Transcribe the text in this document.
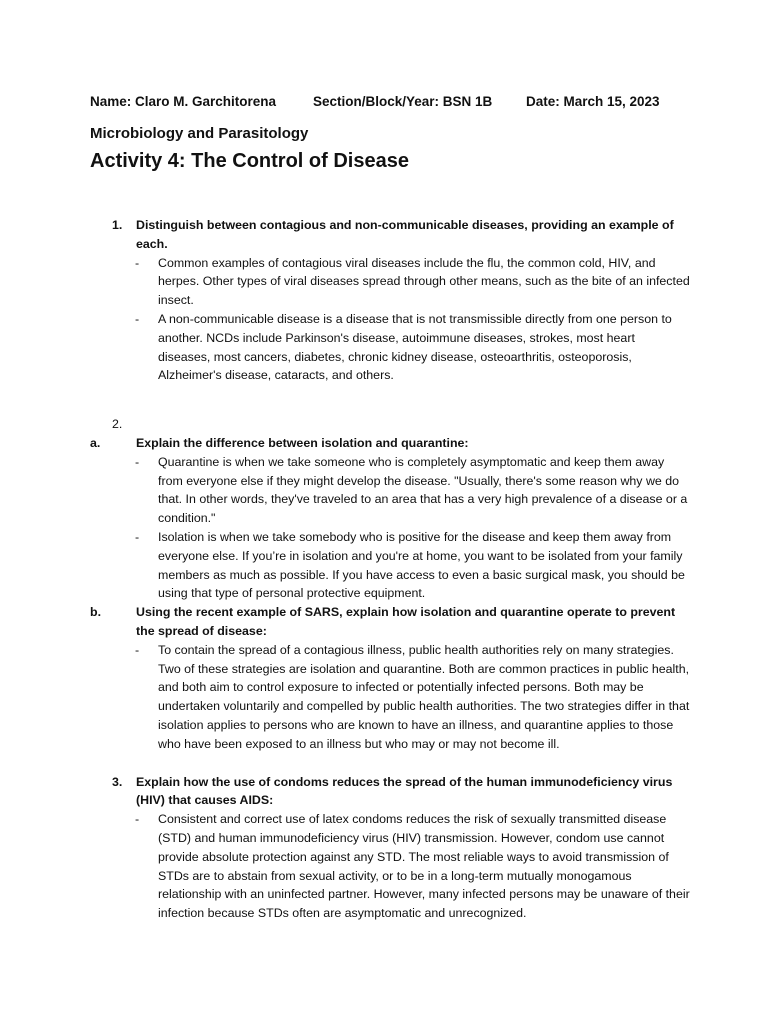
Name: Claro M. Garchitorena	Section/Block/Year: BSN 1B Date: March 15, 2023
Microbiology and Parasitology
Activity 4: The Control of Disease
1. Distinguish between contagious and non-communicable diseases, providing an example of each.
- Common examples of contagious viral diseases include the flu, the common cold, HIV, and herpes. Other types of viral diseases spread through other means, such as the bite of an infected insect.
- A non-communicable disease is a disease that is not transmissible directly from one person to another. NCDs include Parkinson's disease, autoimmune diseases, strokes, most heart diseases, most cancers, diabetes, chronic kidney disease, osteoarthritis, osteoporosis, Alzheimer's disease, cataracts, and others.
2.
a.	Explain the difference between isolation and quarantine:
- Quarantine is when we take someone who is completely asymptomatic and keep them away from everyone else if they might develop the disease. "Usually, there's some reason why we do that. In other words, they've traveled to an area that has a very high prevalence of a disease or a condition."
- Isolation is when we take somebody who is positive for the disease and keep them away from everyone else. If you’re in isolation and you're at home, you want to be isolated from your family members as much as possible. If you have access to even a basic surgical mask, you should be using that type of personal protective equipment.
b.	Using the recent example of SARS, explain how isolation and quarantine operate to prevent the spread of disease:
- To contain the spread of a contagious illness, public health authorities rely on many strategies. Two of these strategies are isolation and quarantine. Both are common practices in public health, and both aim to control exposure to infected or potentially infected persons. Both may be undertaken voluntarily and compelled by public health authorities. The two strategies differ in that isolation applies to persons who are known to have an illness, and quarantine applies to those who have been exposed to an illness but who may or may not become ill.
3. Explain how the use of condoms reduces the spread of the human immunodeficiency virus (HIV) that causes AIDS:
- Consistent and correct use of latex condoms reduces the risk of sexually transmitted disease (STD) and human immunodeficiency virus (HIV) transmission. However, condom use cannot provide absolute protection against any STD. The most reliable ways to avoid transmission of STDs are to abstain from sexual activity, or to be in a long-term mutually monogamous relationship with an uninfected partner. However, many infected persons may be unaware of their infection because STDs often are asymptomatic and unrecognized.
